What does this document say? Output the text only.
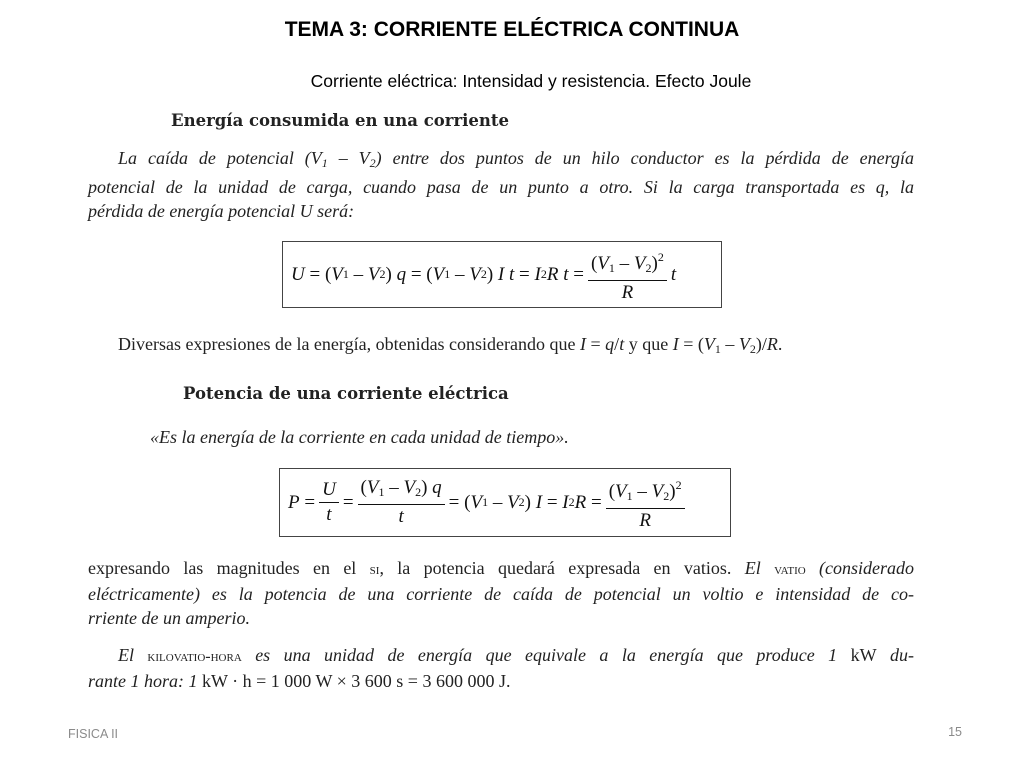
TEMA 3: CORRIENTE ELÉCTRICA CONTINUA
Corriente eléctrica: Intensidad y resistencia. Efecto Joule
Energía consumida en una corriente
La caída de potencial $(V_1 - V_2)$ entre dos puntos de un hilo conductor es la pérdida de energía
potencial de la unidad de carga, cuando pasa de un punto a otro. Si la carga transportada es q, la
pérdida de energía potencial U será:
U = ( V 1 – V 2 ) q = ( V 1 – V 2 ) I
t = I 2 R
$t = \frac{(V_1 - V_2)^2}{R}$ t
Diversas expresiones de la energía, obtenidas considerando que I = q/t y que $I = (V_1 - V_2)/R$.
Potencia de una corriente eléctrica
«Es la energía de la corriente en cada unidad de tiempo».
$P = \frac{U}{t} = \frac{(V_1 - V_2) q}{t}$ = ( V 1 – V 2 ) I = I 2 $R = \frac{(V_1 - V_2)^2}{R}$
expresando las magnitudes en el si, la potencia quedará expresada en vatios. El vatio (considerado
eléctricamente) es la potencia de una corriente de caída de potencial un voltio e intensidad de co-
rriente de un amperio.
El kilovatio-hora es una unidad de energía que equivale a la energía que produce 1 kW du-
rante 1 hora: 1 kW · h = 1 000 W × 3 600 s = 3 600 000 J.
FISICA II	15
